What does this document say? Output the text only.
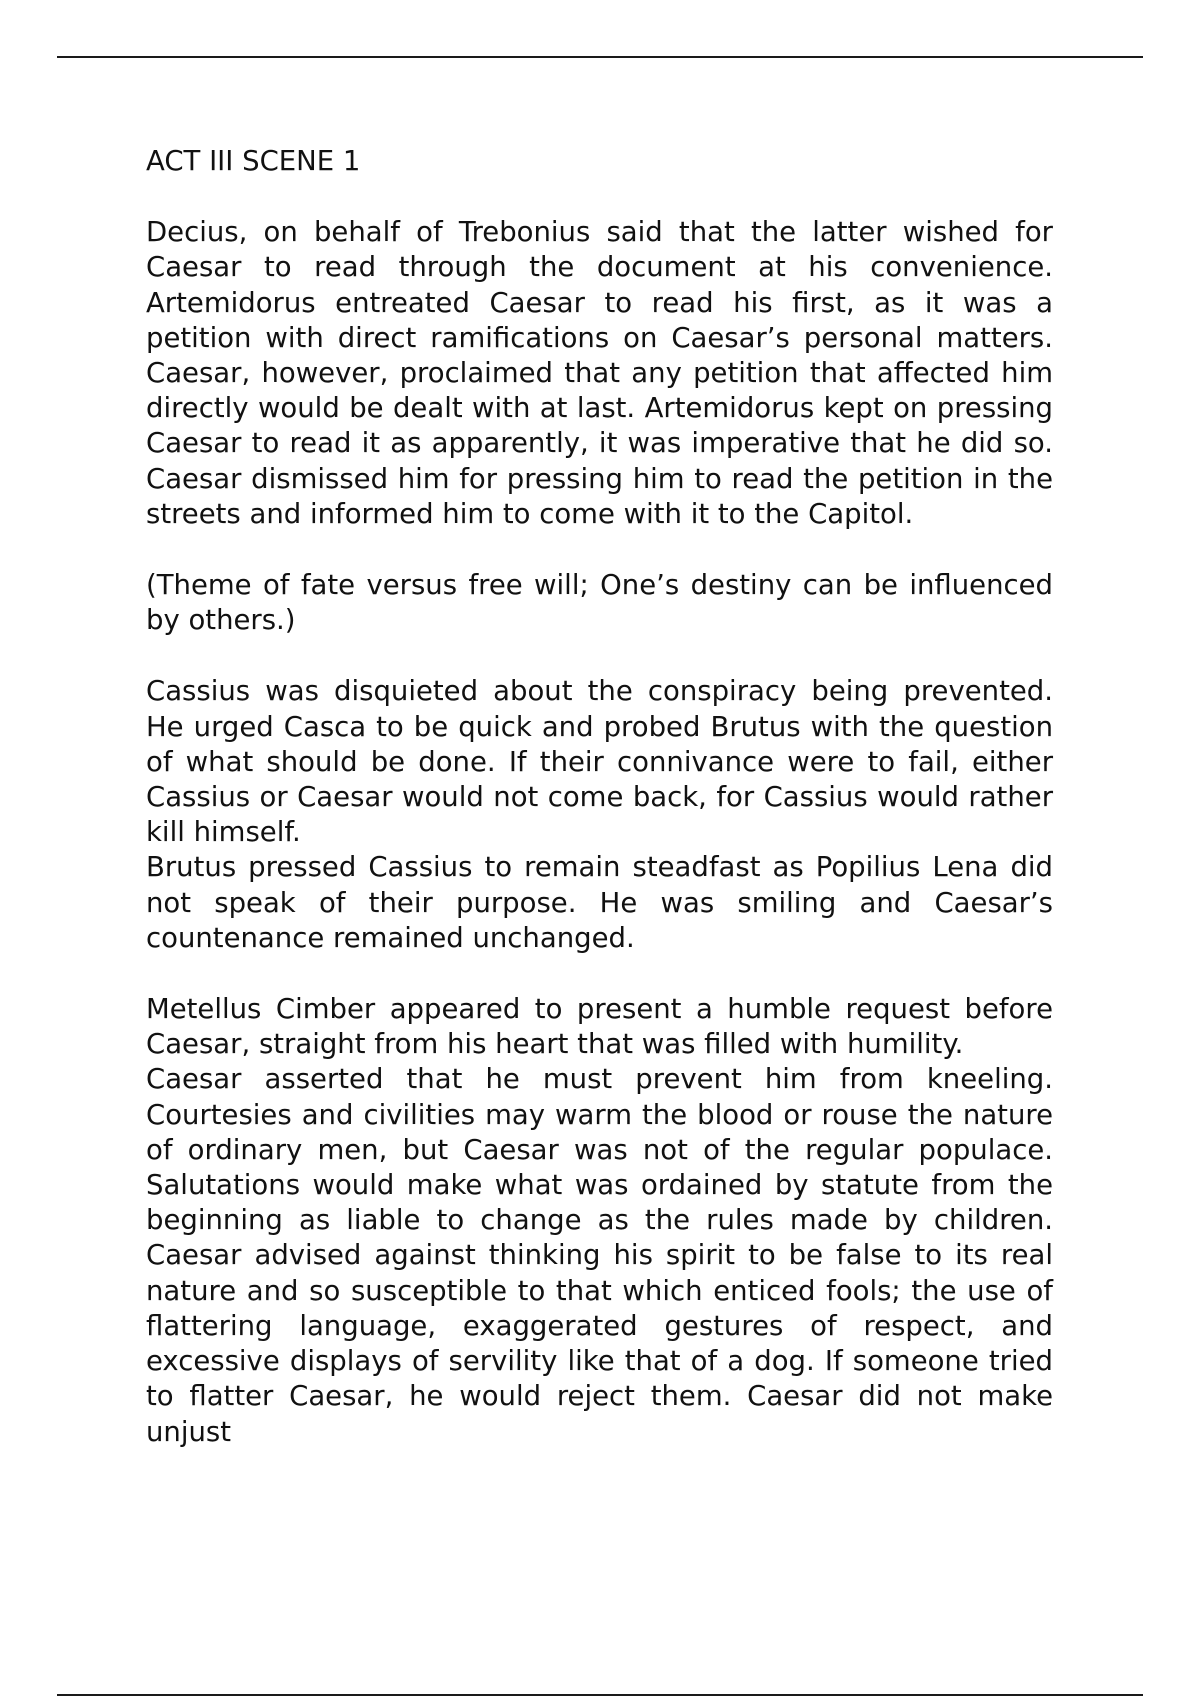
ACT III SCENE 1

Decius, on behalf of Trebonius said that the latter wished for Caesar to read through the document at his convenience. Artemidorus entreated Caesar to read his first, as it was a petition with direct ramifications on Caesar’s personal matters. Caesar, however, proclaimed that any petition that affected him directly would be dealt with at last. Artemidorus kept on pressing Caesar to read it as apparently, it was imperative that he did so. Caesar dismissed him for pressing him to read the petition in the streets and informed him to come with it to the Capitol.

(Theme of fate versus free will; One’s destiny can be influenced by others.)

Cassius was disquieted about the conspiracy being prevented. He urged Casca to be quick and probed Brutus with the question of what should be done. If their connivance were to fail, either Cassius or Caesar would not come back, for Cassius would rather kill himself.

Brutus pressed Cassius to remain steadfast as Popilius Lena did not speak of their purpose. He was smiling and Caesar’s countenance remained unchanged.

Metellus Cimber appeared to present a humble request before Caesar, straight from his heart that was filled with humility.

Caesar asserted that he must prevent him from kneeling. Courtesies and civilities may warm the blood or rouse the nature of ordinary men, but Caesar was not of the regular populace. Salutations would make what was ordained by statute from the beginning as liable to change as the rules made by children. Caesar advised against thinking his spirit to be false to its real nature and so susceptible to that which enticed fools; the use of flattering language, exaggerated gestures of respect, and excessive displays of servility like that of a dog. If someone tried to flatter Caesar, he would reject them. Caesar did not make unjust
